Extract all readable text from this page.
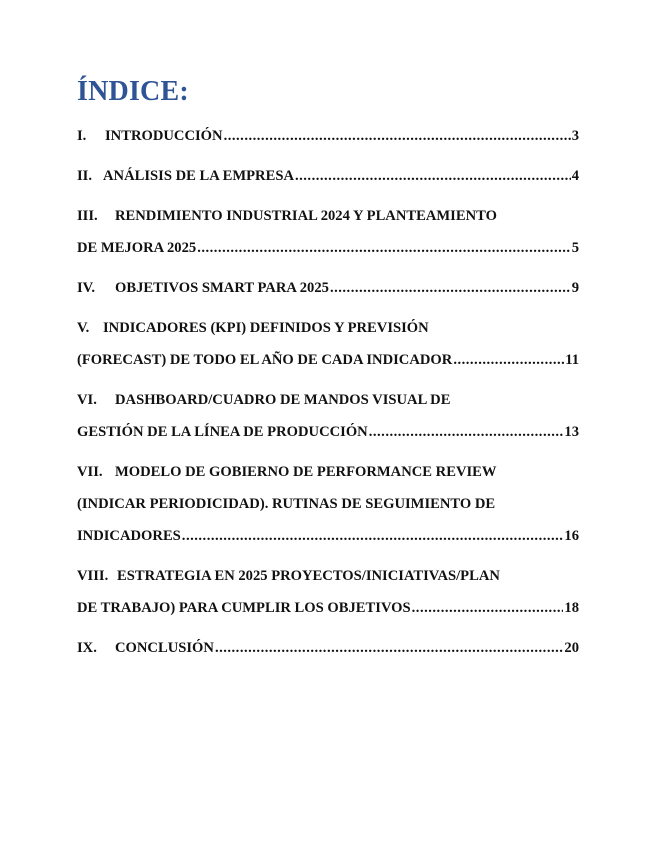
ÍNDICE:
I.	INTRODUCCIÓN .....	3
II. ANÁLISIS DE LA EMPRESA .....	4
III.	RENDIMIENTO INDUSTRIAL 2024 Y PLANTEAMIENTO
DE MEJORA 2025 .....	5
IV.	OBJETIVOS SMART PARA 2025 .....	9
V. INDICADORES (KPI) DEFINIDOS Y PREVISIÓN
(FORECAST) DE TODO EL AÑO DE CADA INDICADOR .....	11
VI.	DASHBOARD/CUADRO DE MANDOS VISUAL DE
GESTIÓN DE LA LÍNEA DE PRODUCCIÓN .....	13
VII. MODELO DE GOBIERNO DE PERFORMANCE REVIEW
(INDICAR PERIODICIDAD). RUTINAS DE SEGUIMIENTO DE
INDICADORES .....	16
VIII. ESTRATEGIA EN 2025 PROYECTOS/INICIATIVAS/PLAN
DE TRABAJO) PARA CUMPLIR LOS OBJETIVOS .....	18
IX.	CONCLUSIÓN .....	20
